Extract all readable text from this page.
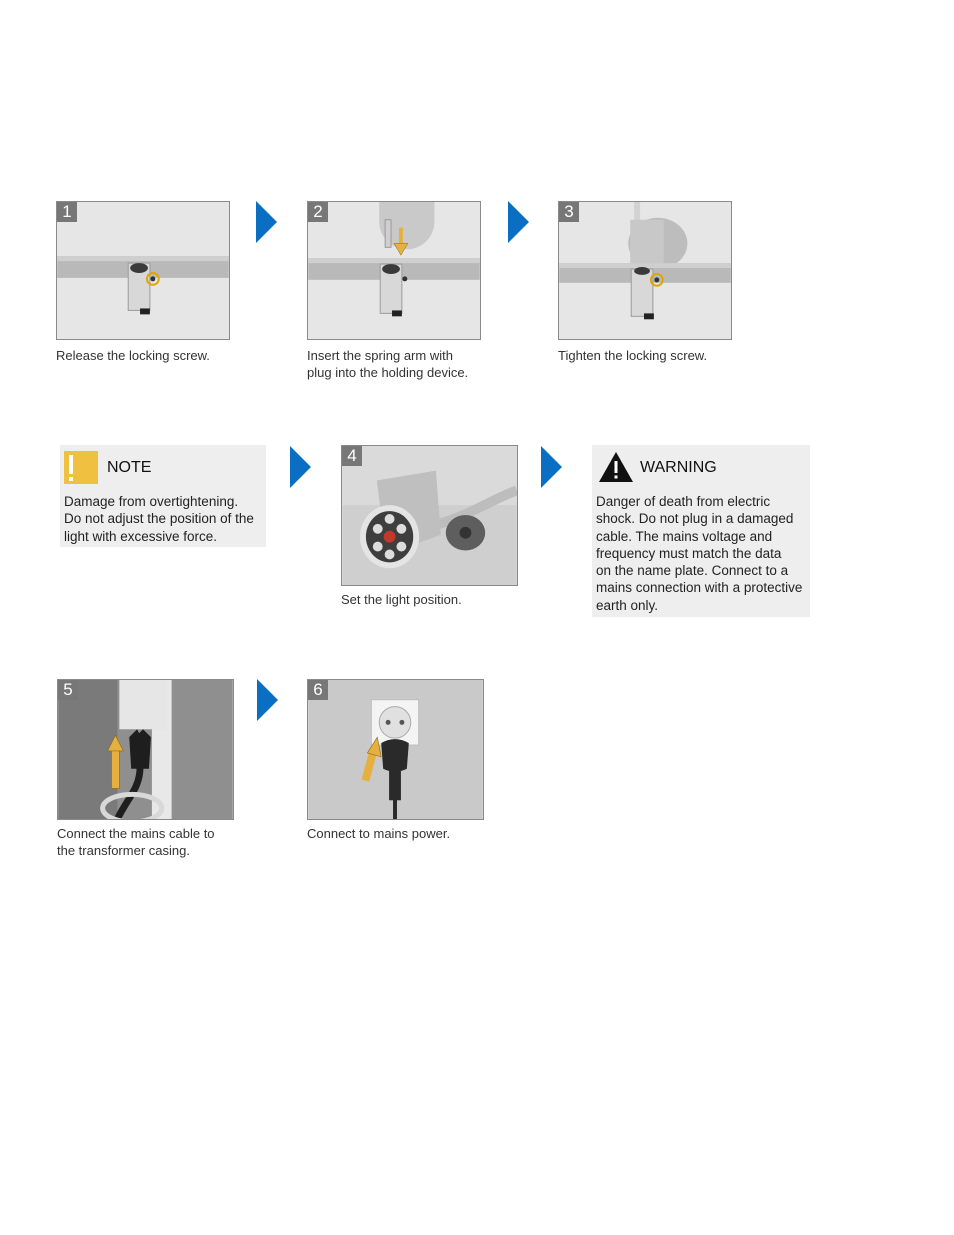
1
Release the locking screw.
2
Insert the spring arm with
plug into the holding device.
3
Tighten the locking screw.
NOTE
Damage from overtightening.
Do not adjust the position of the
light with excessive force.
4
Set the light position.
WARNING
Danger of death from electric
shock. Do not plug in a damaged
cable. The mains voltage and
frequency must match the data
on the name plate. Connect to a
mains connection with a protective
earth only.
5
Connect the mains cable to
the transformer casing.
6
Connect to mains power.
